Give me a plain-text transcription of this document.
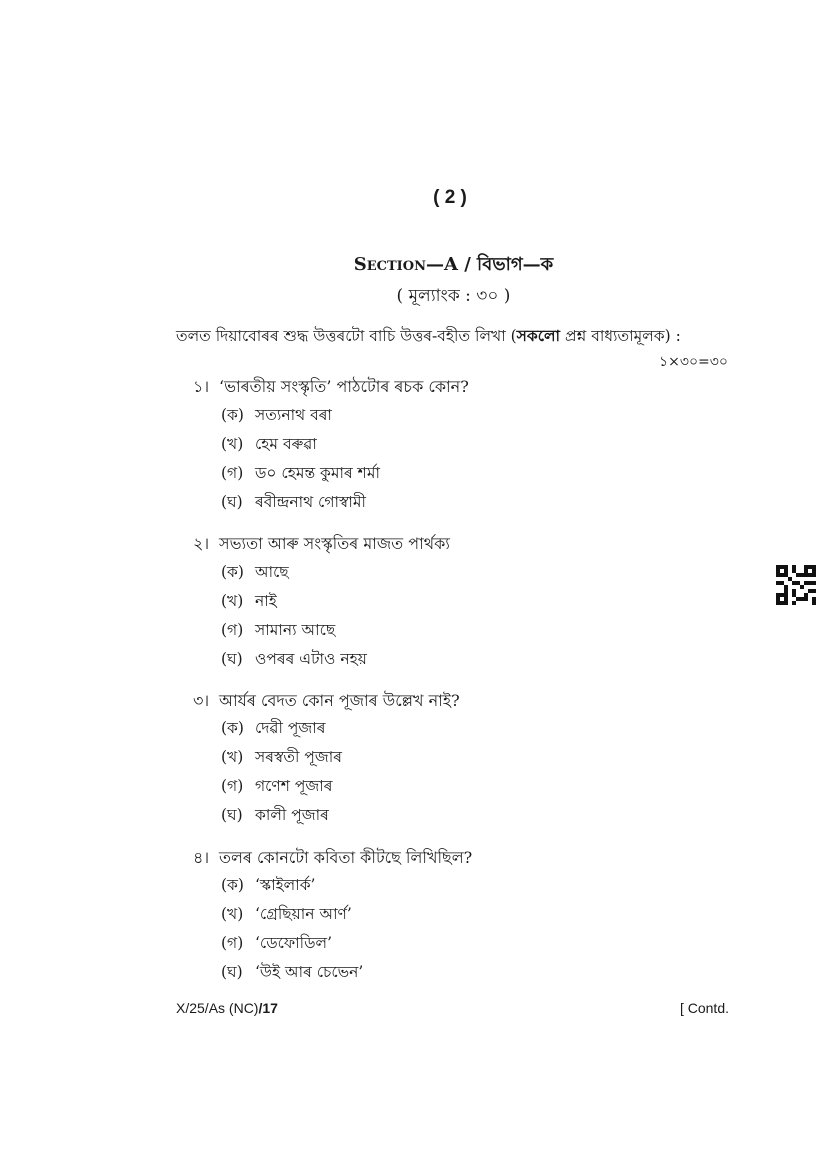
( 2 )
Section—A / বিভাগ—ক
( মূল্যাংক : ৩০ )
তলত দিয়াবোৰৰ শুদ্ধ উত্তৰটো বাচি উত্তৰ-বহীত লিখা (সকলো প্ৰশ্ন বাধ্যতামূলক) :
১×৩০=৩০
১। ‘ভাৰতীয় সংস্কৃতি’ পাঠটোৰ ৰচক কোন?
(ক) সত্যনাথ বৰা
(খ) হেম বৰুৱা
(গ) ড০ হেমন্ত কুমাৰ শৰ্মা
(ঘ) ৰবীন্দ্ৰনাথ গোস্বামী
২। সভ্যতা আৰু সংস্কৃতিৰ মাজত পাৰ্থক্য
(ক) আছে
(খ) নাই
(গ) সামান্য আছে
(ঘ) ওপৰৰ এটাও নহয়
৩। আৰ্যৰ বেদত কোন পূজাৰ উল্লেখ নাই?
(ক) দেৱী পূজাৰ
(খ) সৰস্বতী পূজাৰ
(গ) গণেশ পূজাৰ
(ঘ) কালী পূজাৰ
৪। তলৰ কোনটো কবিতা কীটছে লিখিছিল?
(ক) ‘স্কাইলাৰ্ক’
(খ) ‘গ্ৰেছিয়ান আৰ্ণ’
(গ) ‘ডেফোডিল’
(ঘ) ‘উই আৰ চেভেন’
X/25/As (NC)/17	[ Contd.
